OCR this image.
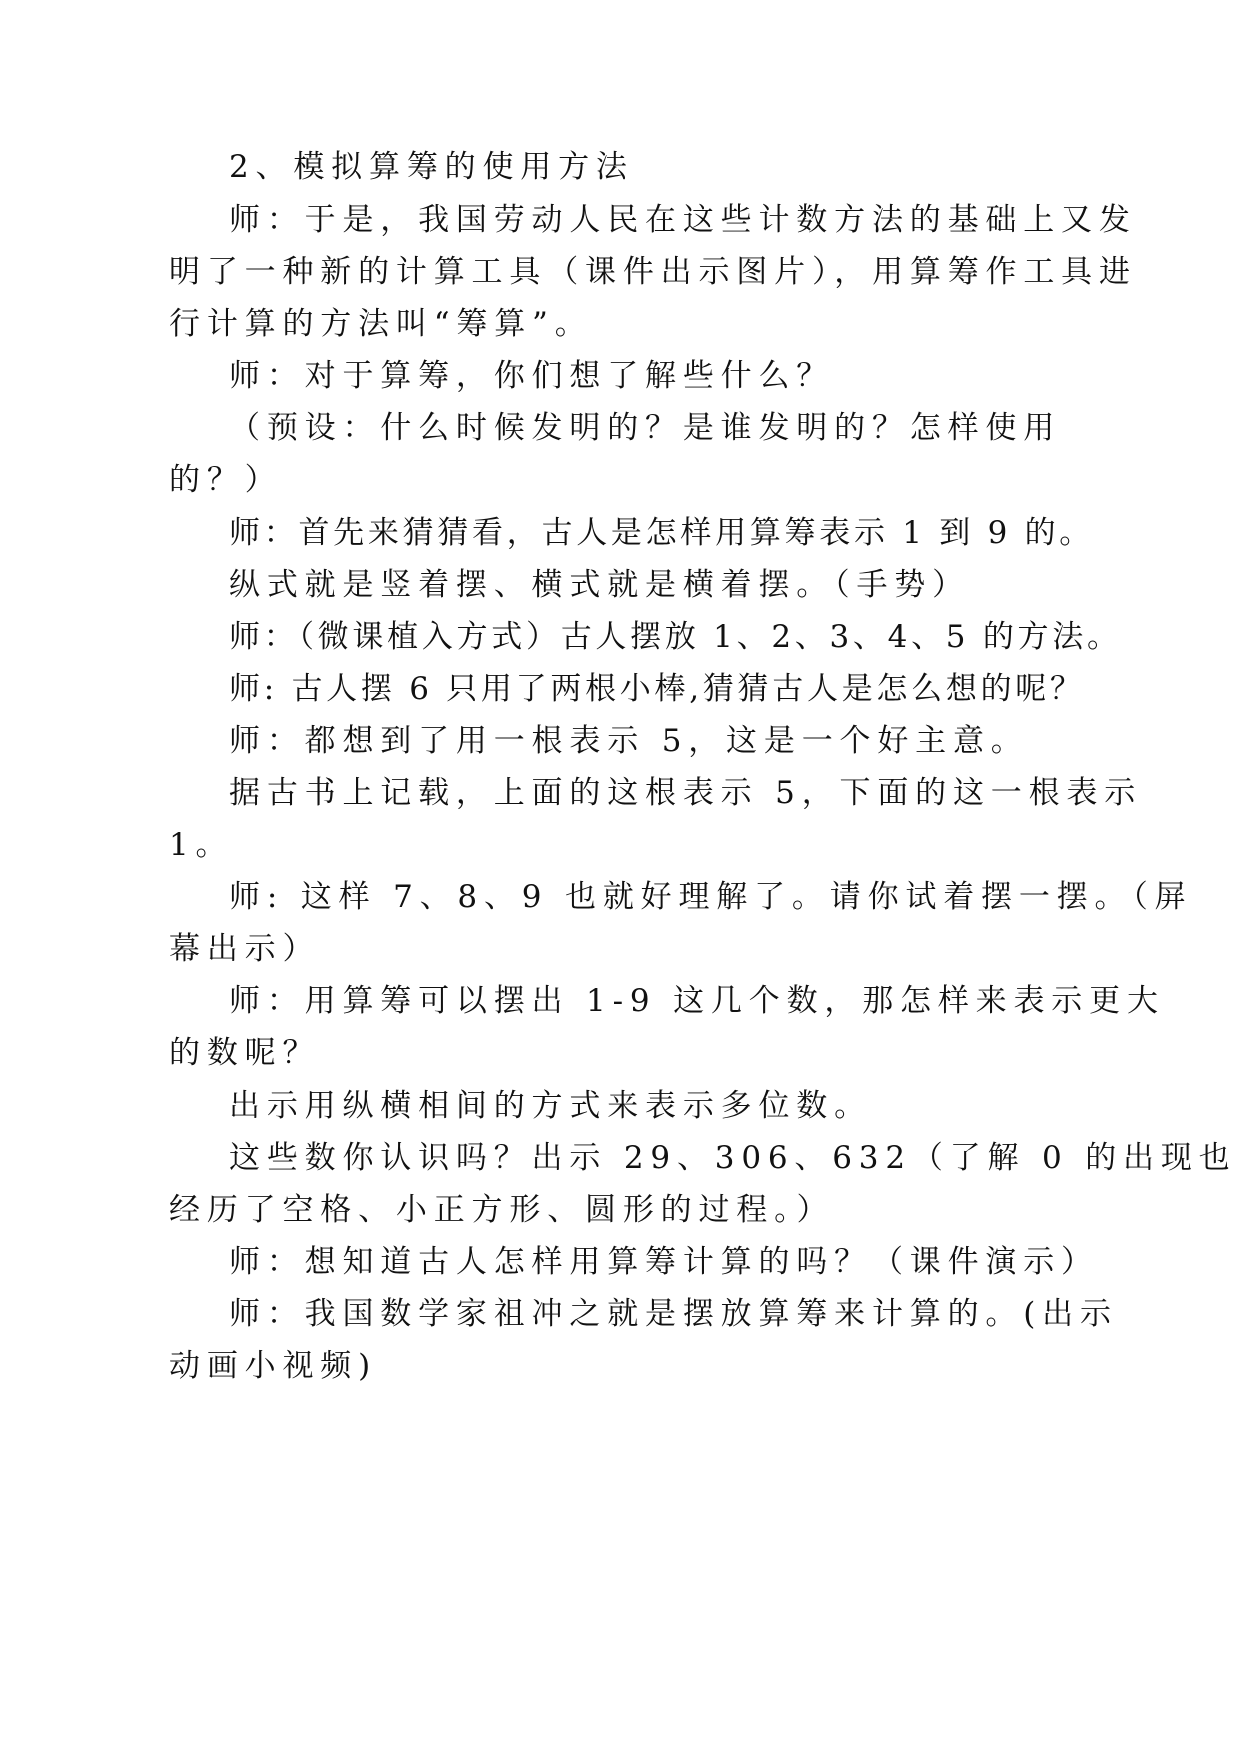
2、模拟算筹的使用方法

师：于是，我国劳动人民在这些计数方法的基础上又发

明了一种新的计算工具（课件出示图片），用算筹作工具进

行计算的方法叫“筹算”。

师：对于算筹，你们想了解些什么？

（预设：什么时候发明的？是谁发明的？怎样使用

的？）

师：首先来猜猜看，古人是怎样用算筹表示 1 到 9 的。

纵式就是竖着摆、横式就是横着摆。（手势）

师：（微课植入方式）古人摆放 1、2、3、4、5 的方法。

师: 古人摆 6 只用了两根小棒,猜猜古人是怎么想的呢？

师：都想到了用一根表示 5，这是一个好主意。

据古书上记载，上面的这根表示 5，下面的这一根表示

1。

师: 这样 7、8、9 也就好理解了。请你试着摆一摆。（屏

幕出示）

师：用算筹可以摆出 1-9 这几个数，那怎样来表示更大

的数呢？

出示用纵横相间的方式来表示多位数。

这些数你认识吗？出示 29、306、632（了解 0 的出现也

经历了空格、小正方形、圆形的过程。）

师：想知道古人怎样用算筹计算的吗？（课件演示）

师：我国数学家祖冲之就是摆放算筹来计算的。(出示

动画小视频)
